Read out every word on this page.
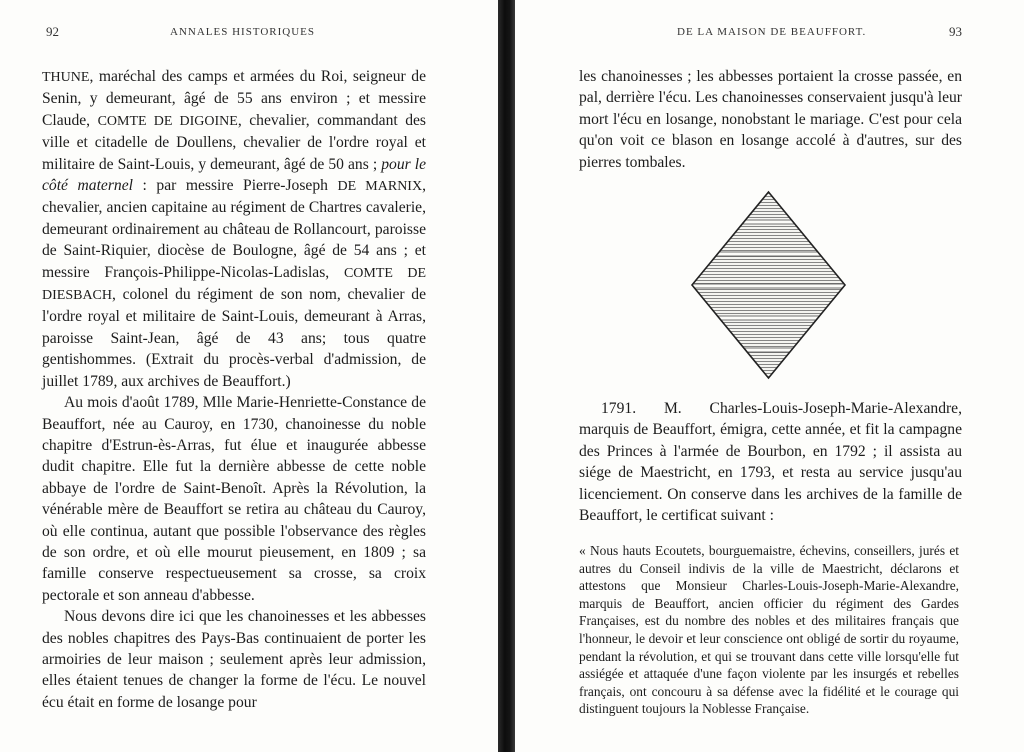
92	ANNALES HISTORIQUES

THUNE, maréchal des camps et armées du Roi, seigneur de Senin, y demeurant, âgé de 55 ans environ ; et messire Claude, COMTE DE DIGOINE, chevalier, commandant des ville et citadelle de Doullens, chevalier de l'ordre royal et militaire de Saint-Louis, y demeurant, âgé de 50 ans ; pour le côté maternel : par messire Pierre-Joseph DE MARNIX, chevalier, ancien capitaine au régiment de Chartres cavalerie, demeurant ordinairement au château de Rollancourt, paroisse de Saint-Riquier, diocèse de Boulogne, âgé de 54 ans ; et messire François-Philippe-Nicolas-Ladislas, COMTE DE DIESBACH, colonel du régiment de son nom, chevalier de l'ordre royal et militaire de Saint-Louis, demeurant à Arras, paroisse Saint-Jean, âgé de 43 ans; tous quatre gentishommes. (Extrait du procès-verbal d'admission, de juillet 1789, aux archives de Beauffort.)

Au mois d'août 1789, Mlle Marie-Henriette-Constance de Beauffort, née au Cauroy, en 1730, chanoinesse du noble chapitre d'Estrun-ès-Arras, fut élue et inaugurée abbesse dudit chapitre. Elle fut la dernière abbesse de cette noble abbaye de l'ordre de Saint-Benoît. Après la Révolution, la vénérable mère de Beauffort se retira au château du Cauroy, où elle continua, autant que possible l'observance des règles de son ordre, et où elle mourut pieusement, en 1809 ; sa famille conserve respectueusement sa crosse, sa croix pectorale et son anneau d'abbesse.

Nous devons dire ici que les chanoinesses et les abbesses des nobles chapitres des Pays-Bas continuaient de porter les armoiries de leur maison ; seulement après leur admission, elles étaient tenues de changer la forme de l'écu. Le nouvel écu était en forme de losange pour

DE LA MAISON DE BEAUFFORT.	93
les chanoinesses ; les abbesses portaient la crosse passée, en pal, derrière l'écu. Les chanoinesses conservaient jusqu'à leur mort l'écu en losange, nonobstant le mariage. C'est pour cela qu'on voit ce blason en losange accolé à d'autres, sur des pierres tombales.
1791. M. Charles-Louis-Joseph-Marie-Alexandre, marquis de Beauffort, émigra, cette année, et fit la campagne des Princes à l'armée de Bourbon, en 1792 ; il assista au siége de Maestricht, en 1793, et resta au service jusqu'au licenciement. On conserve dans les archives de la famille de Beauffort, le certificat suivant :
« Nous hauts Ecoutets, bourguemaistre, échevins, conseillers, jurés et autres du Conseil indivis de la ville de Maestricht, déclarons et attestons que Monsieur Charles-Louis-Joseph-Marie-Alexandre, marquis de Beauffort, ancien officier du régiment des Gardes Françaises, est du nombre des nobles et des militaires français que l'honneur, le devoir et leur conscience ont obligé de sortir du royaume, pendant la révolution, et qui se trouvant dans cette ville lorsqu'elle fut assiégée et attaquée d'une façon violente par les insurgés et rebelles français, ont concouru à sa défense avec la fidélité et le courage qui distinguent toujours la Noblesse Française.
